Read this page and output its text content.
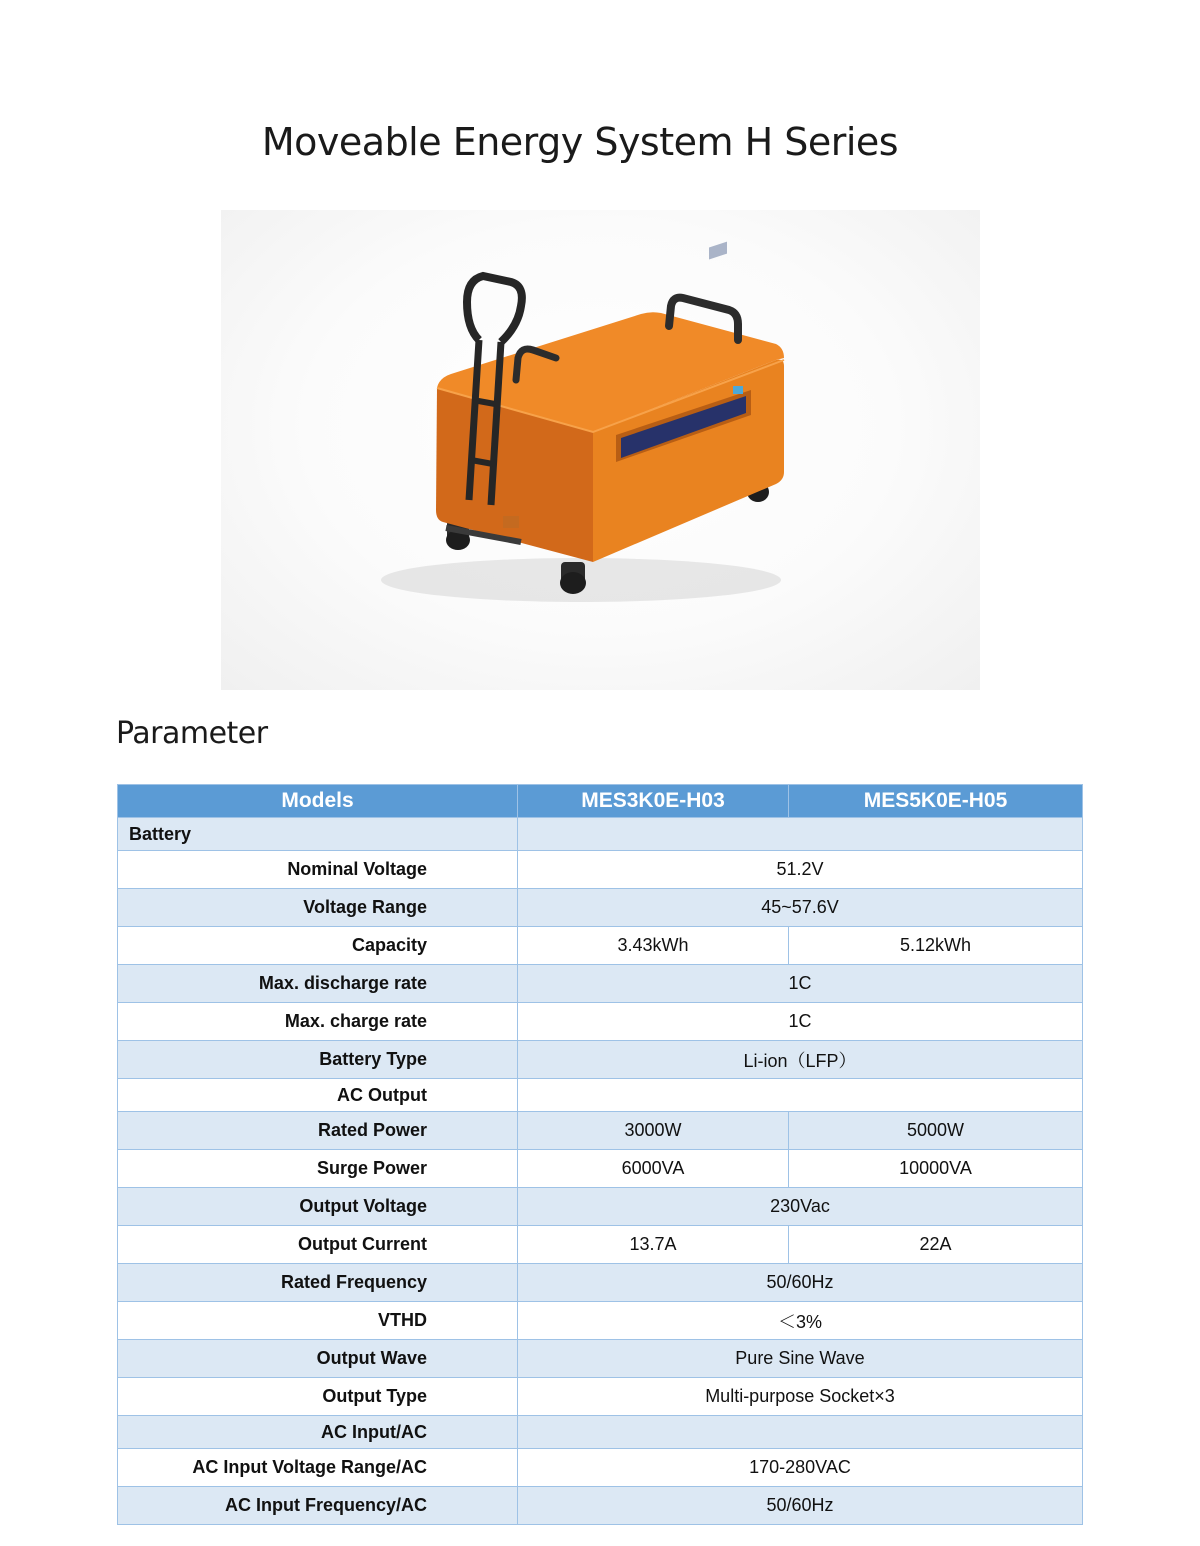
Moveable Energy System H Series
Parameter
Models	MES3K0E-H03	MES5K0E-H05
Battery		
Nominal Voltage	51.2V	
Voltage Range	45~57.6V	
Capacity	3.43kWh	5.12kWh
Max. discharge rate	1C	
Max. charge rate	1C	
Battery Type	Li-ion（LFP）	
AC Output		
Rated Power	3000W	5000W
Surge Power	6000VA	10000VA
Output Voltage	230Vac	
Output Current	13.7A	22A
Rated Frequency	50/60Hz	
VTHD	＜3%	
Output Wave	Pure Sine Wave	
Output Type	Multi-purpose Socket×3	
AC Input/AC		
AC Input Voltage Range/AC	170-280VAC	
AC Input Frequency/AC	50/60Hz	
